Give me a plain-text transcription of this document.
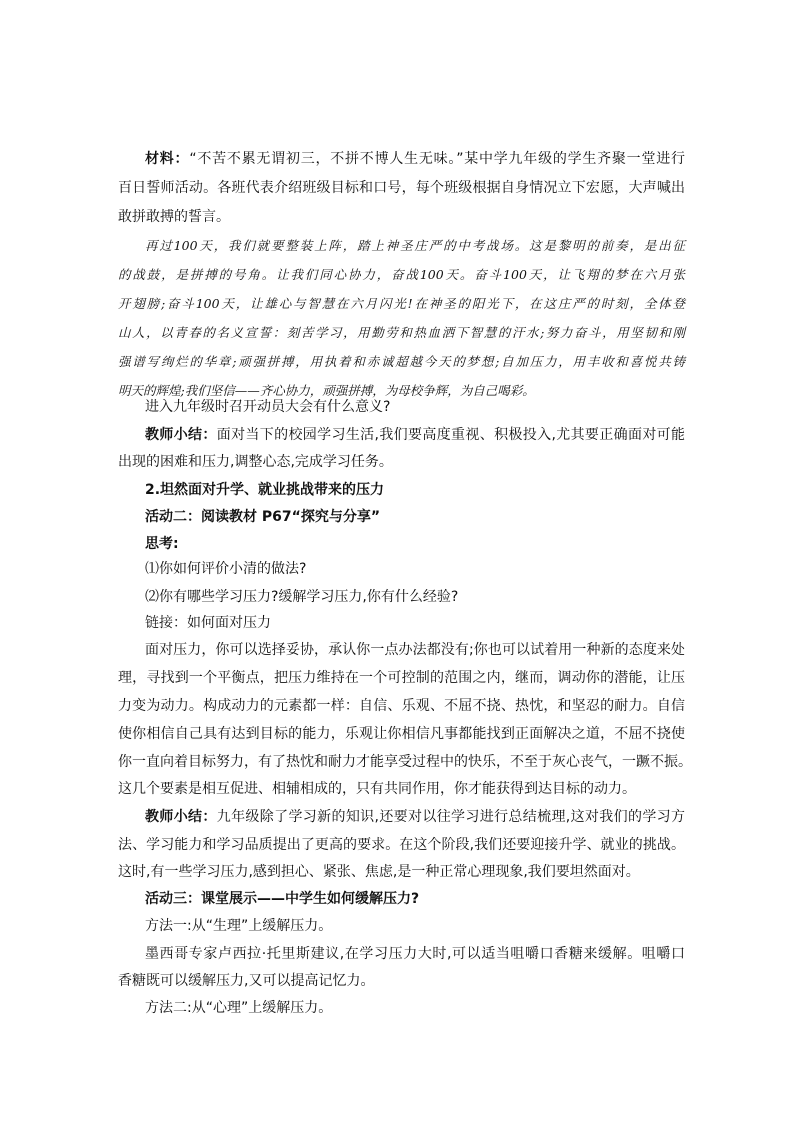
材料：“不苦不累无谓初三，不拼不博人生无味。”某中学九年级的学生齐聚一堂进行
百日誓师活动。各班代表介绍班级目标和口号，每个班级根据自身情况立下宏愿，大声喊出
敢拼敢搏的誓言。
再过100天，我们就要整装上阵，踏上神圣庄严的中考战场。这是黎明的前奏，是出征
的战鼓，是拼搏的号角。让我们同心协力，奋战100天。奋斗100天，让飞翔的梦在六月张
开翅膀;奋斗100天，让雄心与智慧在六月闪光!在神圣的阳光下，在这庄严的时刻，全体登
山人，以青春的名义宣誓：刻苦学习，用勤劳和热血洒下智慧的汗水;努力奋斗，用坚韧和刚
强谱写绚烂的华章;顽强拼搏，用执着和赤诚超越今天的梦想;自加压力，用丰收和喜悦共铸
明天的辉煌;我们坚信——齐心协力，顽强拼搏，为母校争辉，为自己喝彩。
进入九年级时召开动员大会有什么意义?
教师小结：面对当下的校园学习生活,我们要高度重视、积极投入,尤其要正确面对可能
出现的困难和压力,调整心态,完成学习任务。
2.坦然面对升学、就业挑战带来的压力
活动二：阅读教材 P67“探究与分享”
思考:
⑴你如何评价小清的做法?
⑵你有哪些学习压力?缓解学习压力,你有什么经验?
链接：如何面对压力
面对压力，你可以选择妥协，承认你一点办法都没有;你也可以试着用一种新的态度来处
理，寻找到一个平衡点，把压力维持在一个可控制的范围之内，继而，调动你的潜能，让压
力变为动力。构成动力的元素都一样：自信、乐观、不屈不挠、热忱，和坚忍的耐力。自信
使你相信自己具有达到目标的能力，乐观让你相信凡事都能找到正面解决之道，不屈不挠使
你一直向着目标努力，有了热忱和耐力才能享受过程中的快乐，不至于灰心丧气，一蹶不振。
这几个要素是相互促进、相辅相成的，只有共同作用，你才能获得到达目标的动力。
教师小结：九年级除了学习新的知识,还要对以往学习进行总结梳理,这对我们的学习方
法、学习能力和学习品质提出了更高的要求。在这个阶段,我们还要迎接升学、就业的挑战。
这时,有一些学习压力,感到担心、紧张、焦虑,是一种正常心理现象,我们要坦然面对。
活动三：课堂展示——中学生如何缓解压力?
方法一:从“生理”上缓解压力。
墨西哥专家卢西拉·托里斯建议,在学习压力大时,可以适当咀嚼口香糖来缓解。咀嚼口
香糖既可以缓解压力,又可以提高记忆力。
方法二:从“心理”上缓解压力。
